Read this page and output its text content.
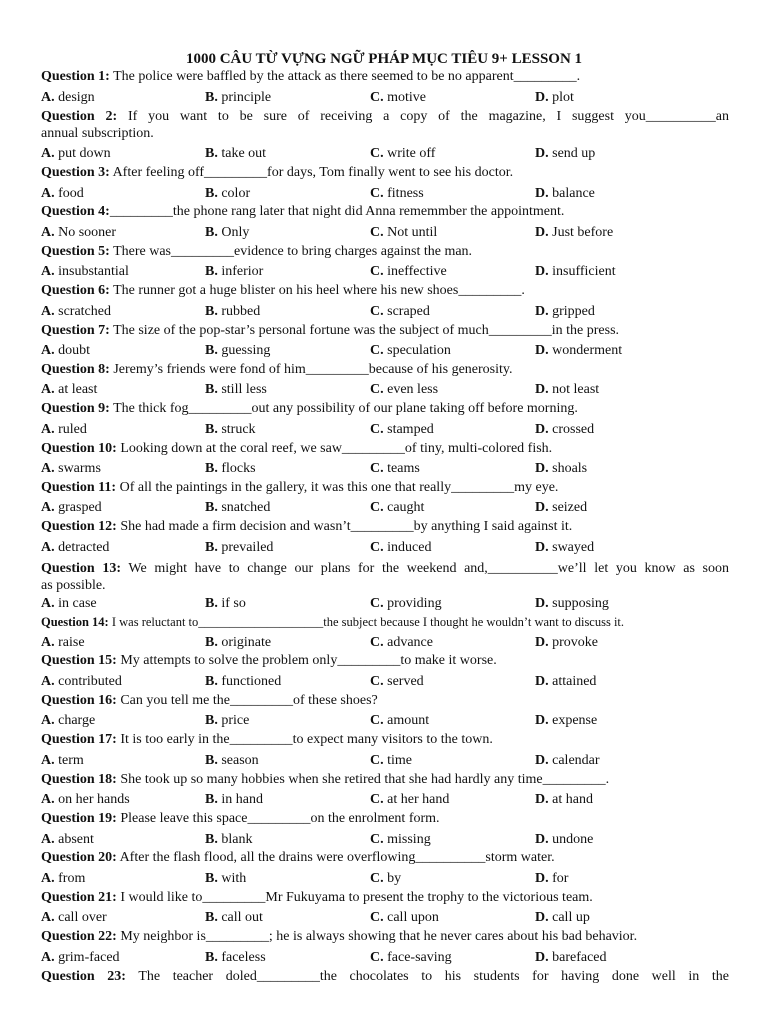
1000 CÂU TỪ VỰNG NGỮ PHÁP MỤC TIÊU 9+ LESSON 1
Question 1: The police were baffled by the attack as there seemed to be no apparent_________.
A. design	B. principle	C. motive	D. plot
Question 2: If you want to be sure of receiving a copy of the magazine, I suggest you__________an
annual subscription.
A. put down	B. take out	C. write off	D. send up
Question 3: After feeling off_________for days, Tom finally went to see his doctor.
A. food	B. color	C. fitness	D. balance
Question 4:_________the phone rang later that night did Anna rememmber the appointment.
A. No sooner	B. Only	C. Not until	D. Just before
Question 5: There was_________evidence to bring charges against the man.
A. insubstantial	B. inferior	C. ineffective	D. insufficient
Question 6: The runner got a huge blister on his heel where his new shoes_________.
A. scratched	B. rubbed	C. scraped	D. gripped
Question 7: The size of the pop-star’s personal fortune was the subject of much_________in the press.
A. doubt	B. guessing	C. speculation	D. wonderment
Question 8: Jeremy’s friends were fond of him_________because of his generosity.
A. at least	B. still less	C. even less	D. not least
Question 9: The thick fog_________out any possibility of our plane taking off before morning.
A. ruled	B. struck	C. stamped	D. crossed
Question 10: Looking down at the coral reef, we saw_________of tiny, multi-colored fish.
A. swarms	B. flocks	C. teams	D. shoals
Question 11: Of all the paintings in the gallery, it was this one that really_________my eye.
A. grasped	B. snatched	C. caught	D. seized
Question 12: She had made a firm decision and wasn’t_________by anything I said against it.
A. detracted	B. prevailed	C. induced	D. swayed
Question 13: We might have to change our plans for the weekend and,__________we’ll let you know as soon
as possible.
A. in case	B. if so	C. providing	D. supposing
Question 14: I was reluctant to____________________the subject because I thought he wouldn’t want to discuss it.
A. raise	B. originate	C. advance	D. provoke
Question 15: My attempts to solve the problem only_________to make it worse.
A. contributed	B. functioned	C. served	D. attained
Question 16: Can you tell me the_________of these shoes?
A. charge	B. price	C. amount	D. expense
Question 17: It is too early in the_________to expect many visitors to the town.
A. term	B. season	C. time	D. calendar
Question 18: She took up so many hobbies when she retired that she had hardly any time_________.
A. on her hands	B. in hand	C. at her hand	D. at hand
Question 19: Please leave this space_________on the enrolment form.
A. absent	B. blank	C. missing	D. undone
Question 20: After the flash flood, all the drains were overflowing__________storm water.
A. from	B. with	C. by	D. for
Question 21: I would like to_________Mr Fukuyama to present the trophy to the victorious team.
A. call over	B. call out	C. call upon	D. call up
Question 22: My neighbor is_________; he is always showing that he never cares about his bad behavior.
A. grim-faced	B. faceless	C. face-saving	D. barefaced
Question 23: The teacher doled_________the chocolates to his students for having done well in the
